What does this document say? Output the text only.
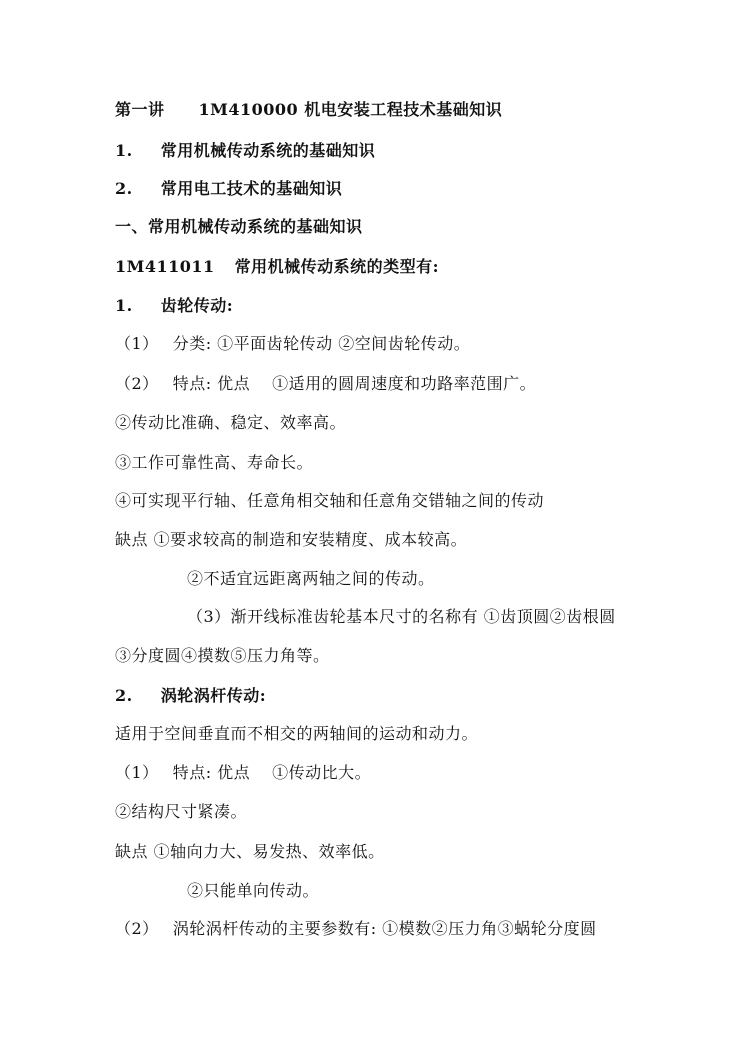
第一讲 1M410000 机电安装工程技术基础知识
1. 常用机械传动系统的基础知识
2. 常用电工技术的基础知识
一、常用机械传动系统的基础知识
1M411011 常用机械传动系统的类型有:
1. 齿轮传动:
（1） 分类: ①平面齿轮传动 ②空间齿轮传动。
（2） 特点: 优点 ①适用的圆周速度和功路率范围广。
②传动比准确、稳定、效率高。
③工作可靠性高、寿命长。
④可实现平行轴、任意角相交轴和任意角交错轴之间的传动
缺点 ①要求较高的制造和安装精度、成本较高。
②不适宜远距离两轴之间的传动。
（3）渐开线标准齿轮基本尺寸的名称有 ①齿顶圆②齿根圆
③分度圆④摸数⑤压力角等。
2. 涡轮涡杆传动:
适用于空间垂直而不相交的两轴间的运动和动力。
（1） 特点: 优点 ①传动比大。
②结构尺寸紧凑。
缺点 ①轴向力大、易发热、效率低。
②只能单向传动。
（2） 涡轮涡杆传动的主要参数有: ①模数②压力角③蜗轮分度圆
